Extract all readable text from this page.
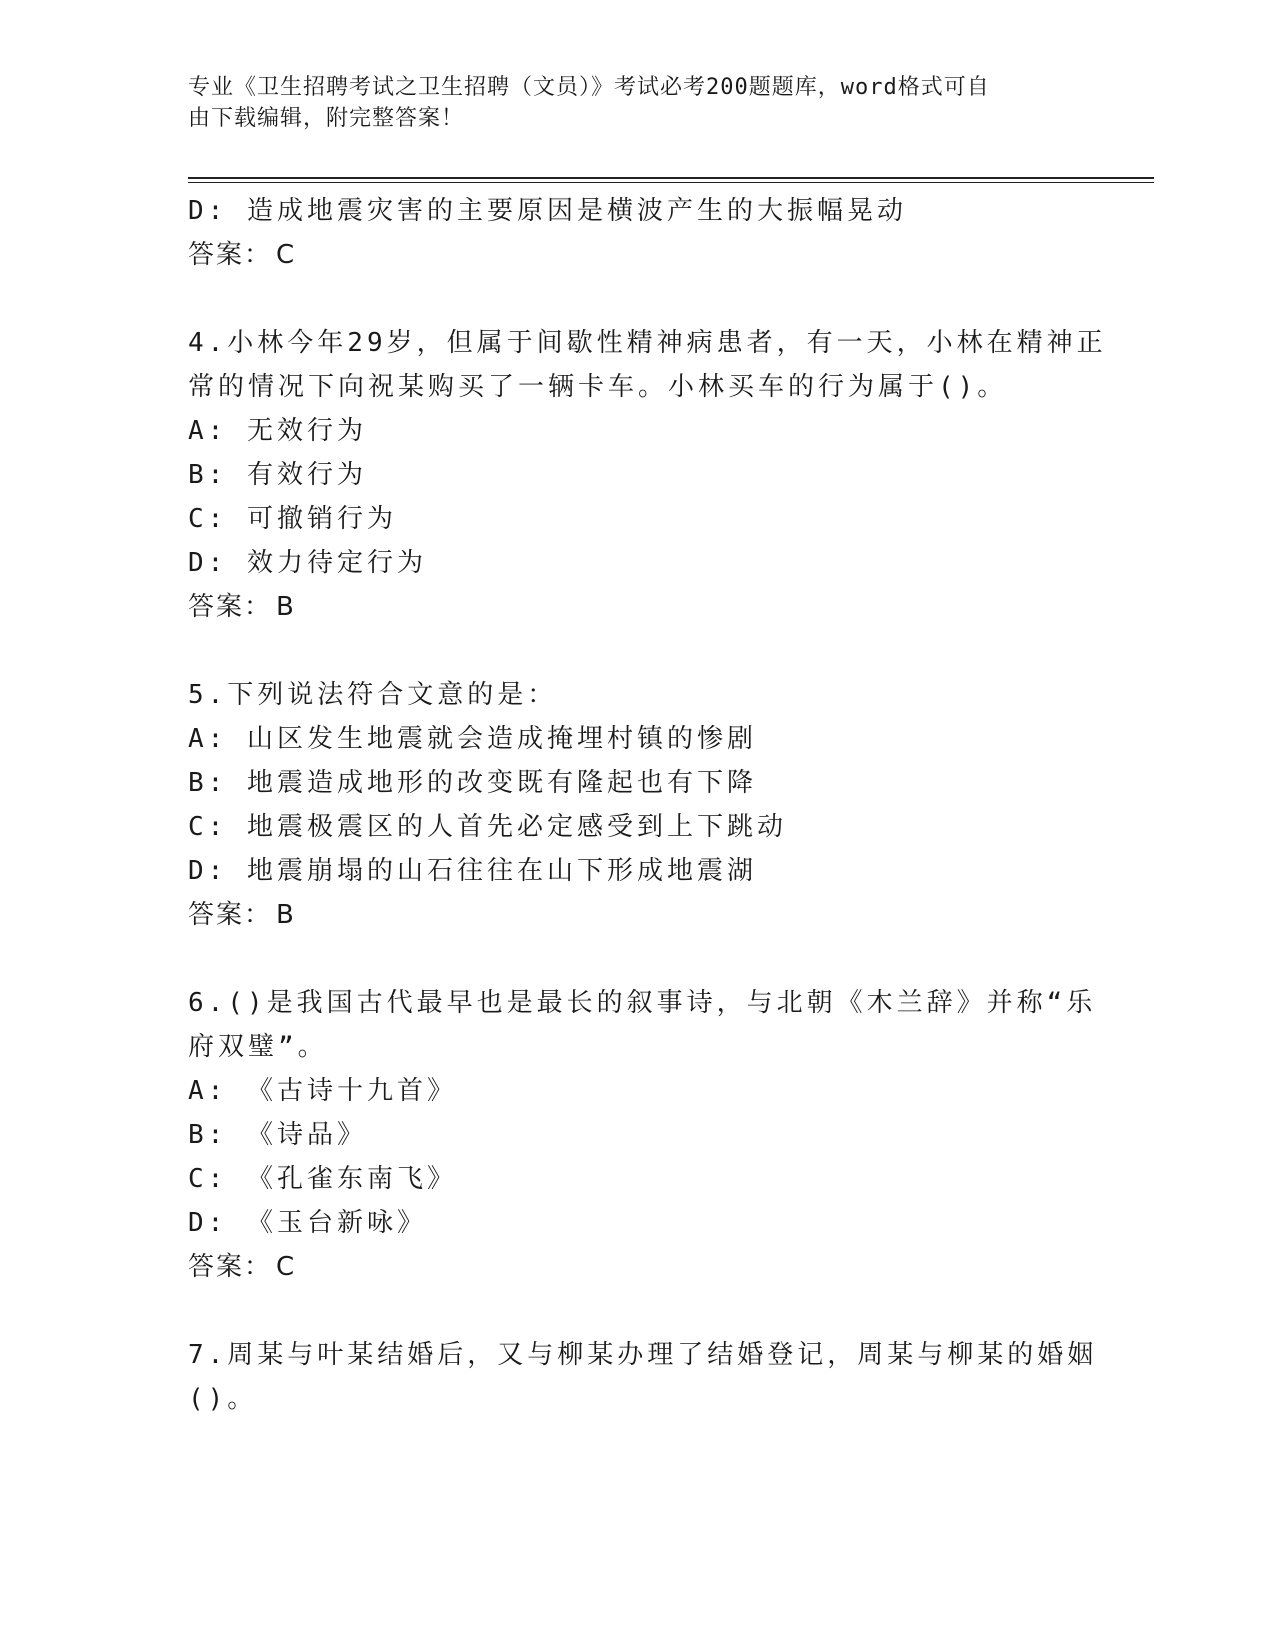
专业《卫生招聘考试之卫生招聘（文员）》考试必考200题题库，word格式可自
由下载编辑，附完整答案！
D: 造成地震灾害的主要原因是横波产生的大振幅晃动
答案： C
4.小林今年29岁，但属于间歇性精神病患者，有一天，小林在精神正
常的情况下向祝某购买了一辆卡车。小林买车的行为属于()。
A: 无效行为
B: 有效行为
C: 可撤销行为
D: 效力待定行为
答案： B
5.下列说法符合文意的是：
A: 山区发生地震就会造成掩埋村镇的惨剧
B: 地震造成地形的改变既有隆起也有下降
C: 地震极震区的人首先必定感受到上下跳动
D: 地震崩塌的山石往往在山下形成地震湖
答案： B
6.()是我国古代最早也是最长的叙事诗，与北朝《木兰辞》并称“乐
府双璧”。
A: 《古诗十九首》
B: 《诗品》
C: 《孔雀东南飞》
D: 《玉台新咏》
答案： C
7.周某与叶某结婚后，又与柳某办理了结婚登记，周某与柳某的婚姻
()。
